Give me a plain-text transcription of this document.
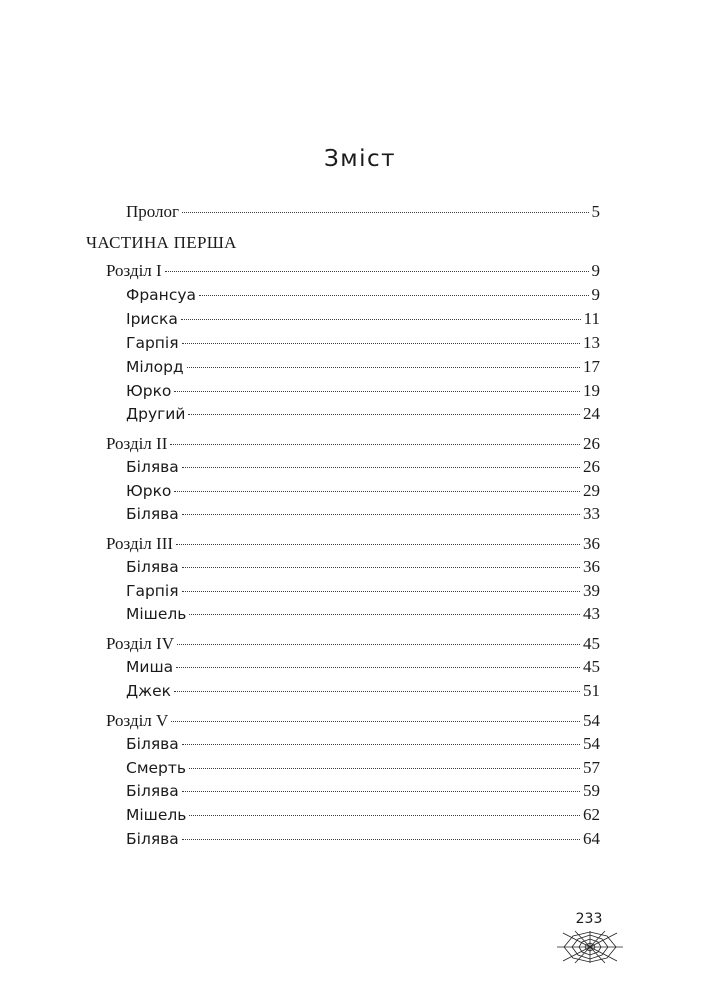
Зміст
Пролог	5
ЧАСТИНА ПЕРША
Розділ I	9
Франсуа	9
Іриска	11
Гарпія	13
Мілорд	17
Юрко	19
Другий	24
Розділ II	26
Білява	26
Юрко	29
Білява	33
Розділ III	36
Білява	36
Гарпія	39
Мішель	43
Розділ IV	45
Миша	45
Джек	51
Розділ V	54
Білява	54
Смерть	57
Білява	59
Мішель	62
Білява	64
233
